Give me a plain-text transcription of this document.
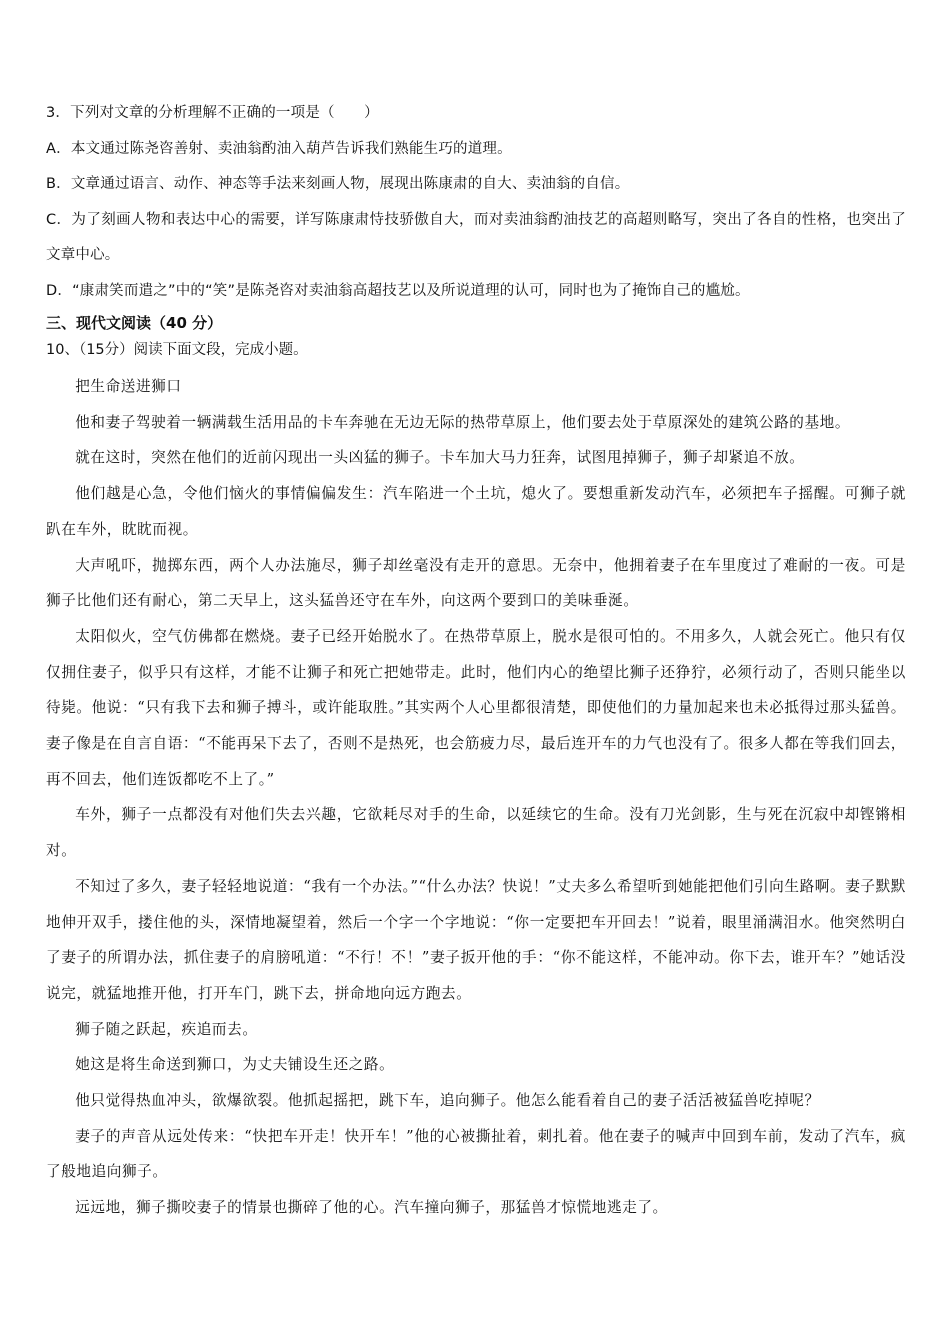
3．下列对文章的分析理解不正确的一项是（　　）
A．本文通过陈尧咨善射、卖油翁酌油入葫芦告诉我们熟能生巧的道理。
B．文章通过语言、动作、神态等手法来刻画人物，展现出陈康肃的自大、卖油翁的自信。
C．为了刻画人物和表达中心的需要，详写陈康肃恃技骄傲自大，而对卖油翁酌油技艺的高超则略写，突出了各自的性格，也突出了文章中心。
D．“康肃笑而遣之”中的“笑”是陈尧咨对卖油翁高超技艺以及所说道理的认可，同时也为了掩饰自己的尴尬。
三、现代文阅读（40 分）
10、（15分）阅读下面文段，完成小题。
把生命送进狮口
他和妻子驾驶着一辆满载生活用品的卡车奔驰在无边无际的热带草原上，他们要去处于草原深处的建筑公路的基地。
就在这时，突然在他们的近前闪现出一头凶猛的狮子。卡车加大马力狂奔，试图甩掉狮子，狮子却紧追不放。
他们越是心急，令他们恼火的事情偏偏发生：汽车陷进一个土坑，熄火了。要想重新发动汽车，必须把车子摇醒。可狮子就趴在车外，眈眈而视。
大声吼吓，抛掷东西，两个人办法施尽，狮子却丝毫没有走开的意思。无奈中，他拥着妻子在车里度过了难耐的一夜。可是狮子比他们还有耐心，第二天早上，这头猛兽还守在车外，向这两个要到口的美味垂涎。
太阳似火，空气仿佛都在燃烧。妻子已经开始脱水了。在热带草原上，脱水是很可怕的。不用多久，人就会死亡。他只有仅仅拥住妻子，似乎只有这样，才能不让狮子和死亡把她带走。此时，他们内心的绝望比狮子还狰狞，必须行动了，否则只能坐以待毙。他说：“只有我下去和狮子搏斗，或许能取胜。”其实两个人心里都很清楚，即使他们的力量加起来也未必抵得过那头猛兽。妻子像是在自言自语：“不能再呆下去了，否则不是热死，也会筋疲力尽，最后连开车的力气也没有了。很多人都在等我们回去，再不回去，他们连饭都吃不上了。”
车外，狮子一点都没有对他们失去兴趣，它欲耗尽对手的生命，以延续它的生命。没有刀光剑影，生与死在沉寂中却铿锵相对。
不知过了多久，妻子轻轻地说道：“我有一个办法。”“什么办法？快说！”丈夫多么希望听到她能把他们引向生路啊。妻子默默地伸开双手，搂住他的头，深情地凝望着，然后一个字一个字地说：“你一定要把车开回去！”说着，眼里涌满泪水。他突然明白了妻子的所谓办法，抓住妻子的肩膀吼道：“不行！不！”妻子扳开他的手：“你不能这样，不能冲动。你下去，谁开车？”她话没说完，就猛地推开他，打开车门，跳下去，拼命地向远方跑去。
狮子随之跃起，疾追而去。
她这是将生命送到狮口，为丈夫铺设生还之路。
他只觉得热血冲头，欲爆欲裂。他抓起摇把，跳下车，追向狮子。他怎么能看着自己的妻子活活被猛兽吃掉呢？
妻子的声音从远处传来：“快把车开走！快开车！”他的心被撕扯着，刺扎着。他在妻子的喊声中回到车前，发动了汽车，疯了般地追向狮子。
远远地，狮子撕咬妻子的情景也撕碎了他的心。汽车撞向狮子，那猛兽才惊慌地逃走了。
